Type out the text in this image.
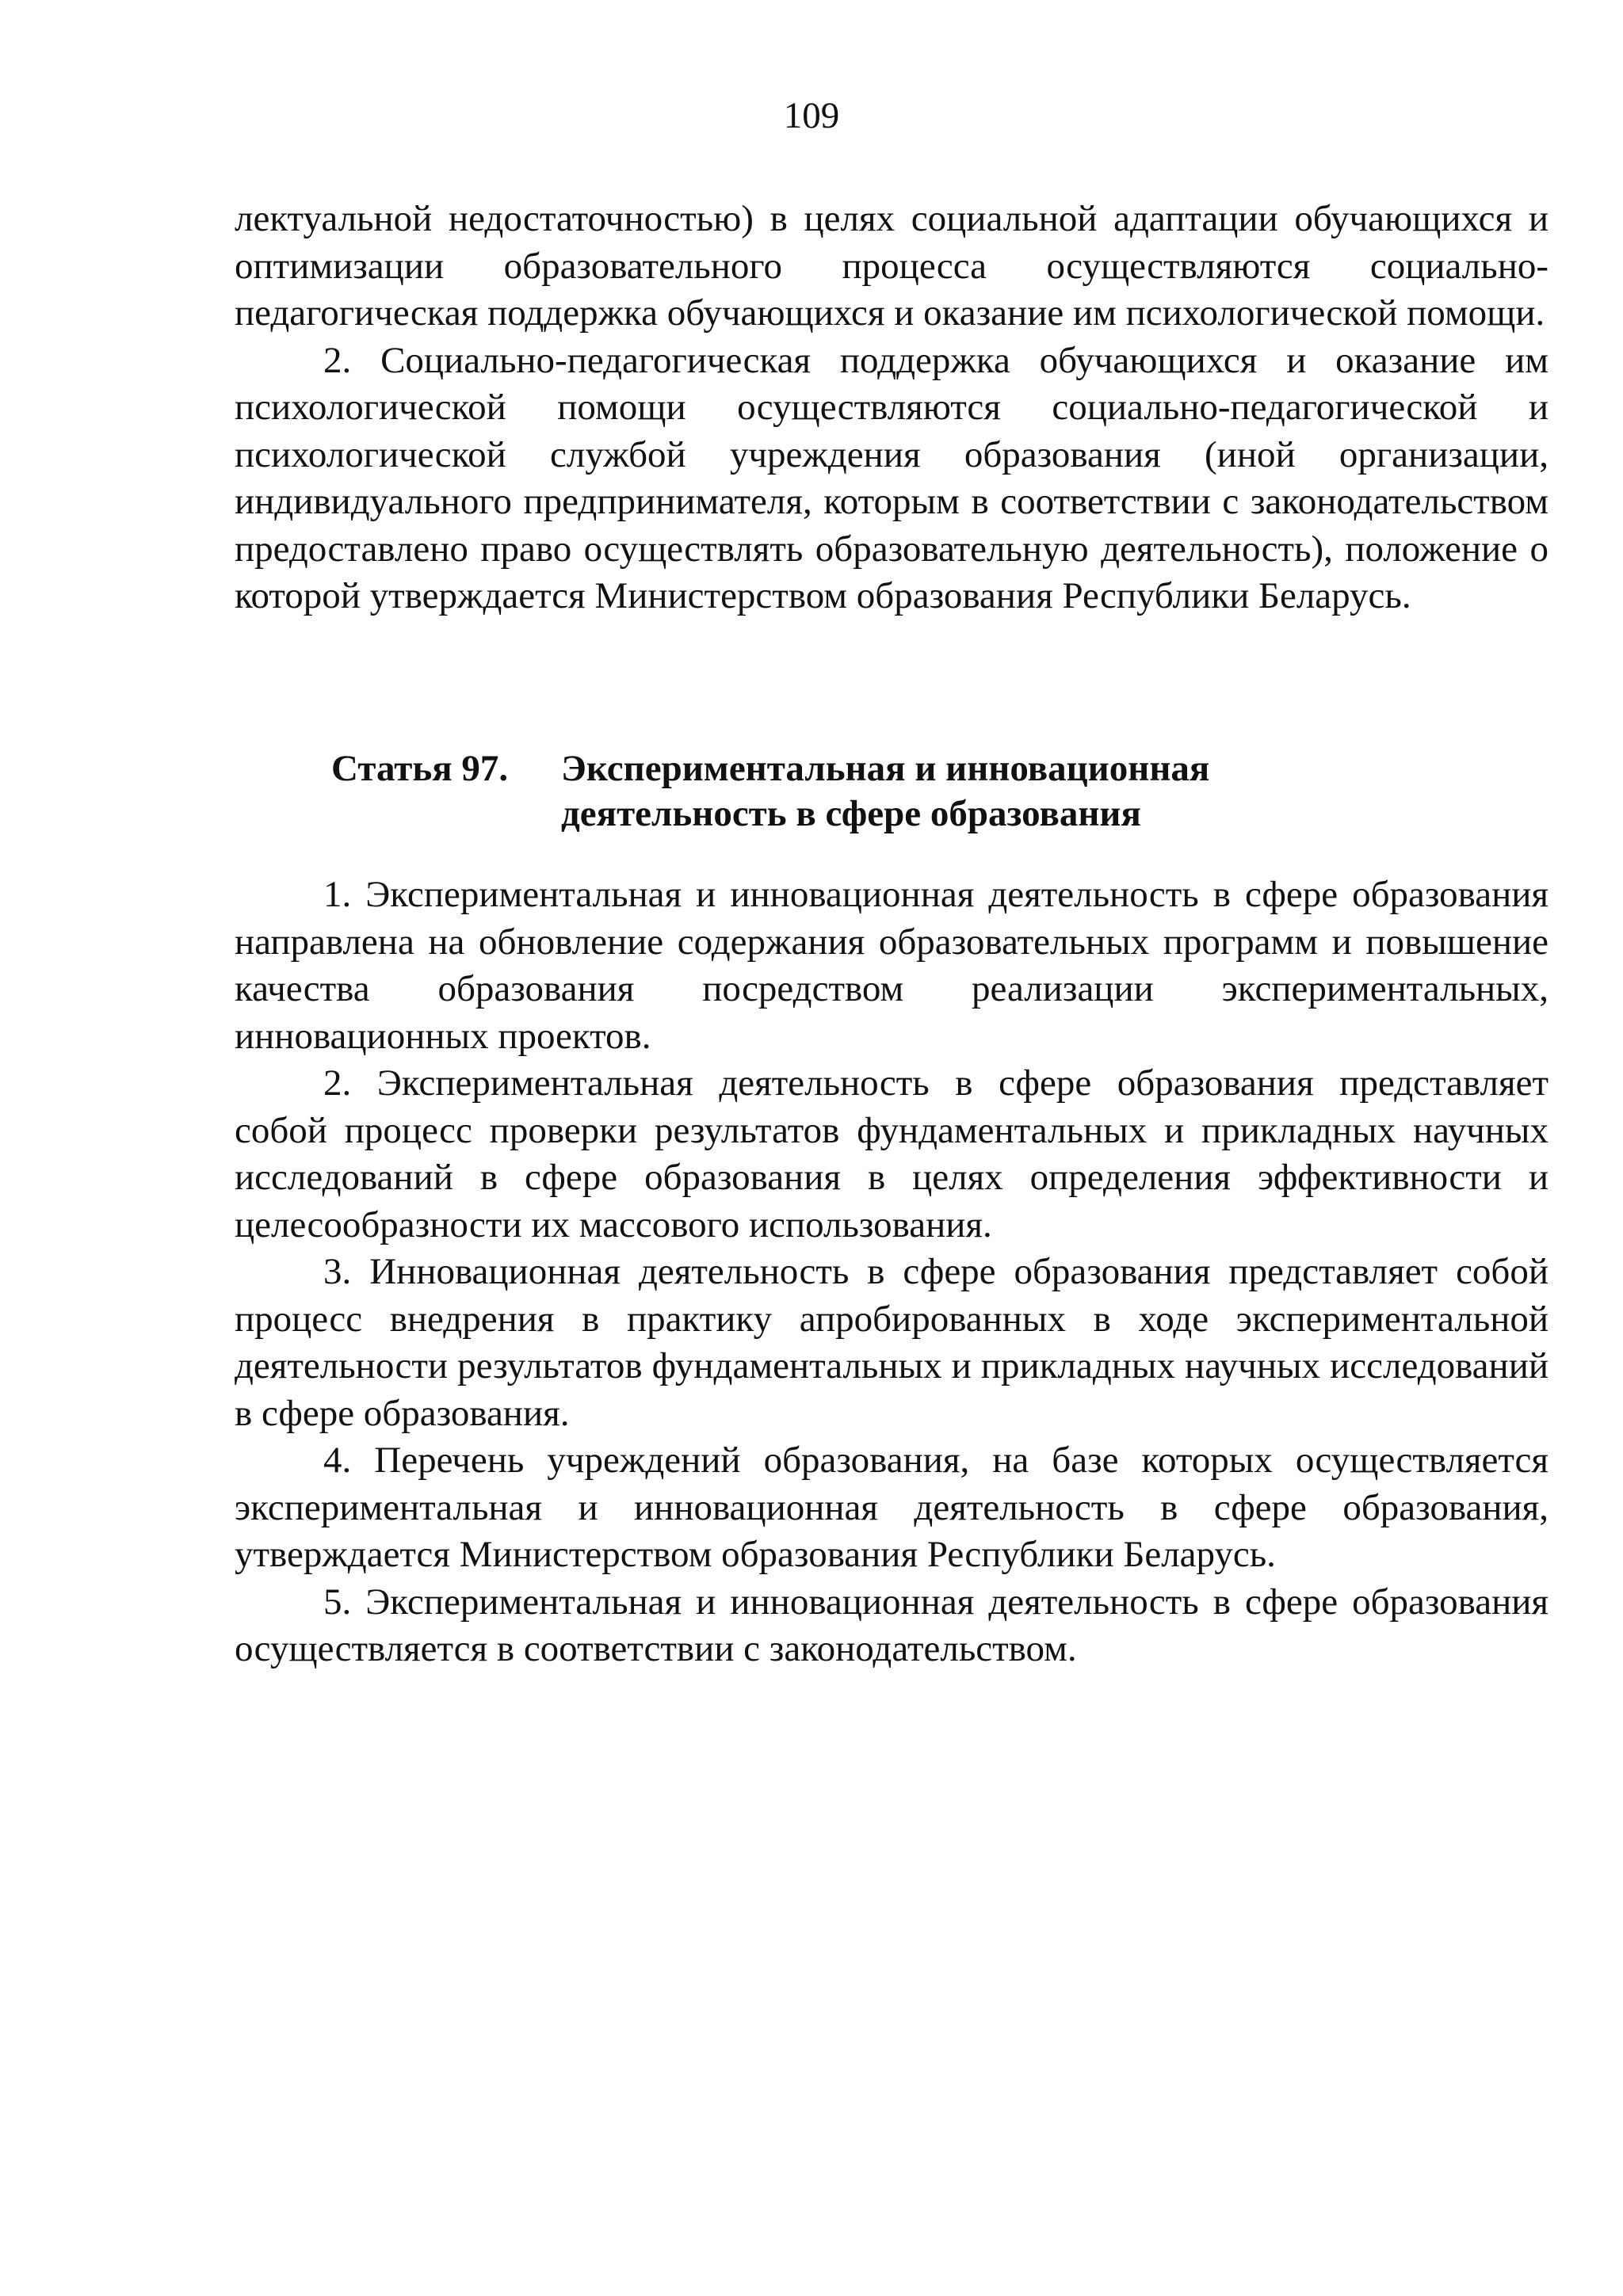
109

лектуальной недостаточностью) в целях социальной адаптации обучающихся и оптимизации образовательного процесса осуществляются социально-педагогическая поддержка обучающихся и оказание им психологической помощи.

2. Социально-педагогическая поддержка обучающихся и оказание им психологической помощи осуществляются социально-педагогической и психологической службой учреждения образования (иной организации, индивидуального предпринимателя, которым в соответствии с законодательством предоставлено право осуществлять образовательную деятельность), положение о которой утверждается Министерством образования Республики Беларусь.

Статья 97. Экспериментальная и инновационная
деятельность в сфере образования

1. Экспериментальная и инновационная деятельность в сфере образования направлена на обновление содержания образовательных программ и повышение качества образования посредством реализации экспериментальных, инновационных проектов.

2. Экспериментальная деятельность в сфере образования представляет собой процесс проверки результатов фундаментальных и прикладных научных исследований в сфере образования в целях определения эффективности и целесообразности их массового использования.

3. Инновационная деятельность в сфере образования представляет собой процесс внедрения в практику апробированных в ходе экспериментальной деятельности результатов фундаментальных и прикладных научных исследований в сфере образования.

4. Перечень учреждений образования, на базе которых осуществляется экспериментальная и инновационная деятельность в сфере образования, утверждается Министерством образования Республики Беларусь.

5. Экспериментальная и инновационная деятельность в сфере образования осуществляется в соответствии с законодательством.
